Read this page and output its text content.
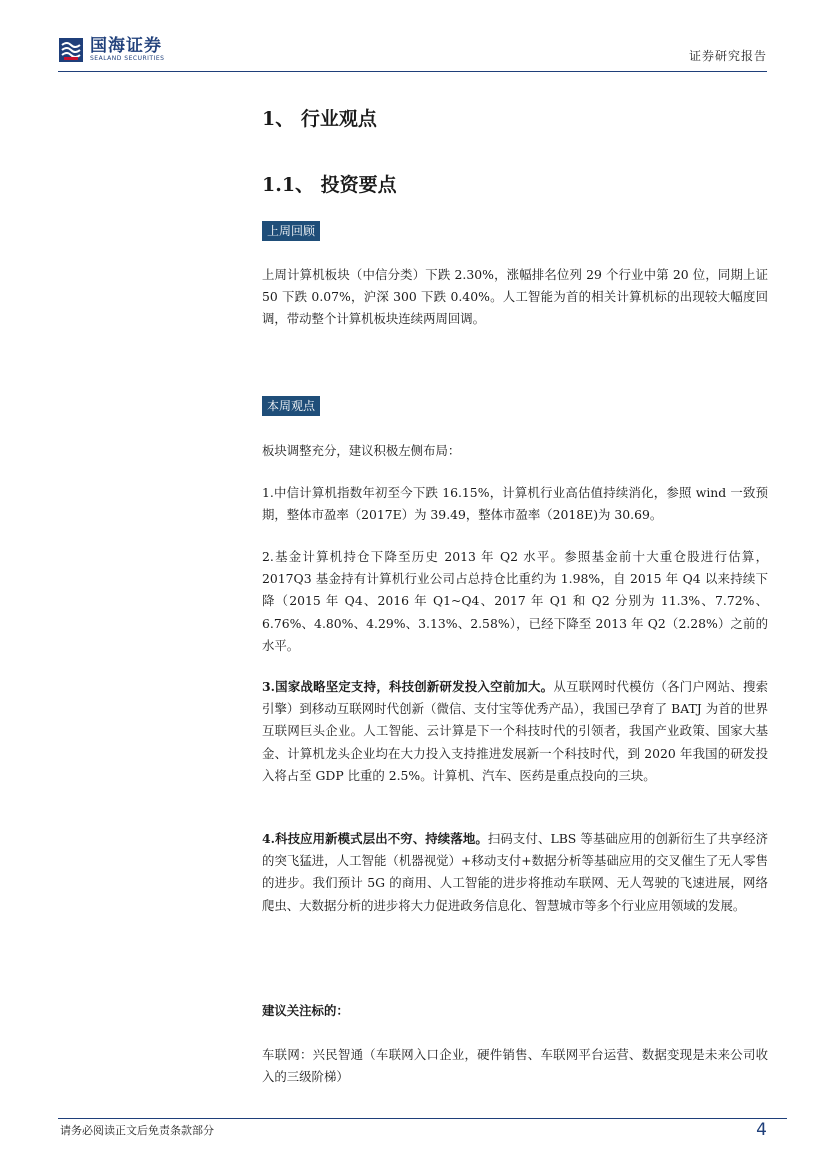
国海证券
SEALAND SECURITIES	证券研究报告
1、 行业观点
1.1、 投资要点
上周回顾
上周计算机板块（中信分类）下跌 2.30%，涨幅排名位列 29 个行业中第 20 位，同期上证 50 下跌 0.07%，沪深 300 下跌 0.40%。人工智能为首的相关计算机标的出现较大幅度回调，带动整个计算机板块连续两周回调。
本周观点
板块调整充分，建议积极左侧布局：
1.中信计算机指数年初至今下跌 16.15%，计算机行业高估值持续消化，参照 wind 一致预期，整体市盈率（2017E）为 39.49，整体市盈率（2018E)为 30.69。
2.基金计算机持仓下降至历史 2013 年 Q2 水平。参照基金前十大重仓股进行估算，2017Q3 基金持有计算机行业公司占总持仓比重约为 1.98%，自 2015 年 Q4 以来持续下降（2015 年 Q4、2016 年 Q1~Q4、2017 年 Q1 和 Q2 分别为 11.3%、7.72%、6.76%、4.80%、4.29%、3.13%、2.58%），已经下降至 2013 年 Q2（2.28%）之前的水平。
3.国家战略坚定支持，科技创新研发投入空前加大。从互联网时代模仿（各门户网站、搜索引擎）到移动互联网时代创新（微信、支付宝等优秀产品），我国已孕育了 BATJ 为首的世界互联网巨头企业。人工智能、云计算是下一个科技时代的引领者，我国产业政策、国家大基金、计算机龙头企业均在大力投入支持推进发展新一个科技时代，到 2020 年我国的研发投入将占至 GDP 比重的 2.5%。计算机、汽车、医药是重点投向的三块。
4.科技应用新模式层出不穷、持续落地。扫码支付、LBS 等基础应用的创新衍生了共享经济的突飞猛进，人工智能（机器视觉）+移动支付+数据分析等基础应用的交叉催生了无人零售的进步。我们预计 5G 的商用、人工智能的进步将推动车联网、无人驾驶的飞速进展，网络爬虫、大数据分析的进步将大力促进政务信息化、智慧城市等多个行业应用领域的发展。
建议关注标的：
车联网：兴民智通（车联网入口企业，硬件销售、车联网平台运营、数据变现是未来公司收入的三级阶梯）
请务必阅读正文后免责条款部分	4
